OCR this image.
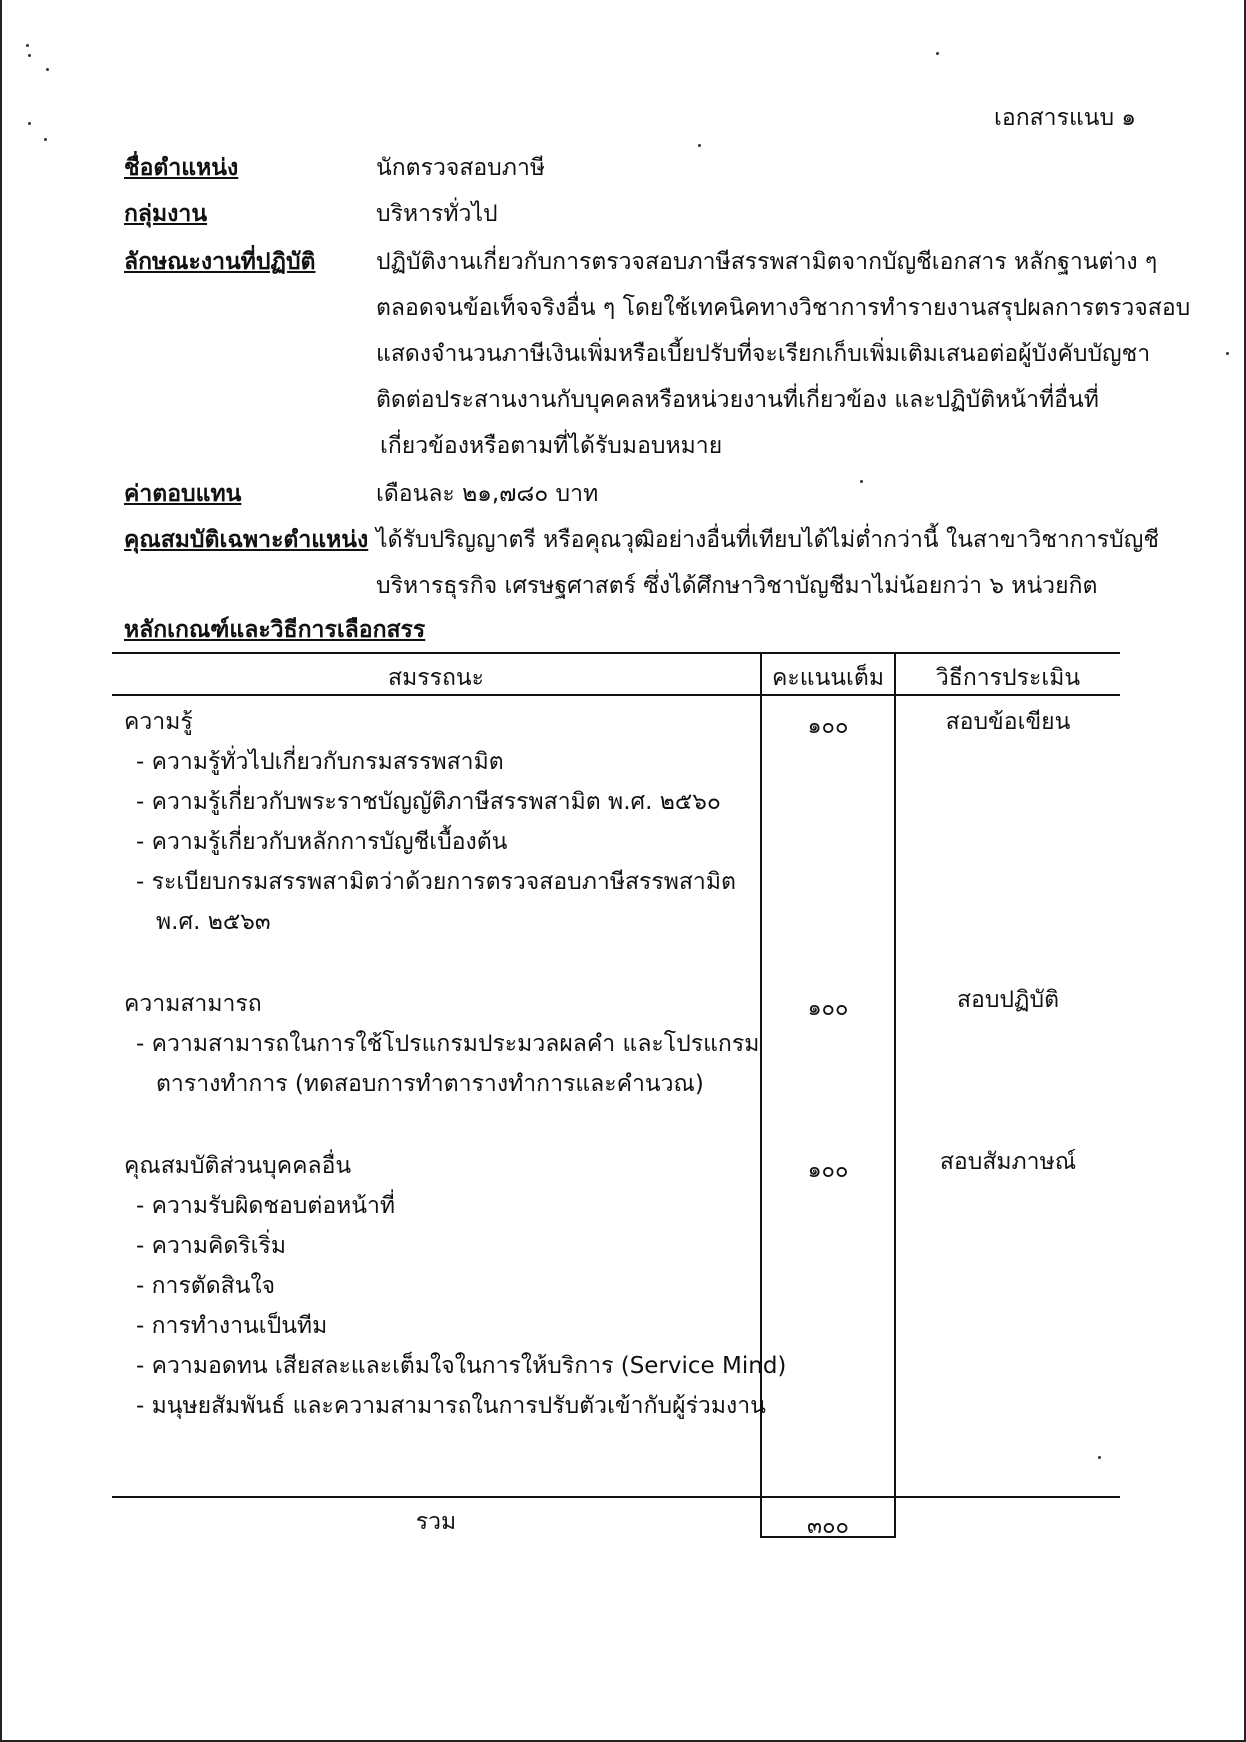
เอกสารแนบ ๑
ชื่อตำแหน่ง	นักตรวจสอบภาษี
กลุ่มงาน	บริหารทั่วไป
ลักษณะงานที่ปฏิบัติ	ปฏิบัติงานเกี่ยวกับการตรวจสอบภาษีสรรพสามิตจากบัญชีเอกสาร หลักฐานต่าง ๆ
ตลอดจนข้อเท็จจริงอื่น ๆ โดยใช้เทคนิคทางวิชาการทำรายงานสรุปผลการตรวจสอบ
แสดงจำนวนภาษีเงินเพิ่มหรือเบี้ยปรับที่จะเรียกเก็บเพิ่มเติมเสนอต่อผู้บังคับบัญชา
ติดต่อประสานงานกับบุคคลหรือหน่วยงานที่เกี่ยวข้อง และปฏิบัติหน้าที่อื่นที่
เกี่ยวข้องหรือตามที่ได้รับมอบหมาย
ค่าตอบแทน	เดือนละ ๒๑,๗๘๐ บาท
คุณสมบัติเฉพาะตำแหน่ง ได้รับปริญญาตรี หรือคุณวุฒิอย่างอื่นที่เทียบได้ไม่ต่ำกว่านี้ ในสาขาวิชาการบัญชี
บริหารธุรกิจ เศรษฐศาสตร์ ซึ่งได้ศึกษาวิชาบัญชีมาไม่น้อยกว่า ๖ หน่วยกิต
หลักเกณฑ์และวิธีการเลือกสรร
สมรรถนะ	คะแนนเต็ม	วิธีการประเมิน
ความรู้
- ความรู้ทั่วไปเกี่ยวกับกรมสรรพสามิต
- ความรู้เกี่ยวกับพระราชบัญญัติภาษีสรรพสามิต พ.ศ. ๒๕๖๐
- ความรู้เกี่ยวกับหลักการบัญชีเบื้องต้น
- ระเบียบกรมสรรพสามิตว่าด้วยการตรวจสอบภาษีสรรพสามิต
พ.ศ. ๒๕๖๓
๑๐๐	สอบข้อเขียน
ความสามารถ
- ความสามารถในการใช้โปรแกรมประมวลผลคำ และโปรแกรม
ตารางทำการ (ทดสอบการทำตารางทำการและคำนวณ)
๑๐๐	สอบปฏิบัติ
คุณสมบัติส่วนบุคคลอื่น
- ความรับผิดชอบต่อหน้าที่
- ความคิดริเริ่ม
- การตัดสินใจ
- การทำงานเป็นทีม
- ความอดทน เสียสละและเต็มใจในการให้บริการ (Service Mind)
- มนุษยสัมพันธ์ และความสามารถในการปรับตัวเข้ากับผู้ร่วมงาน
๑๐๐	สอบสัมภาษณ์
รวม	๓๐๐
